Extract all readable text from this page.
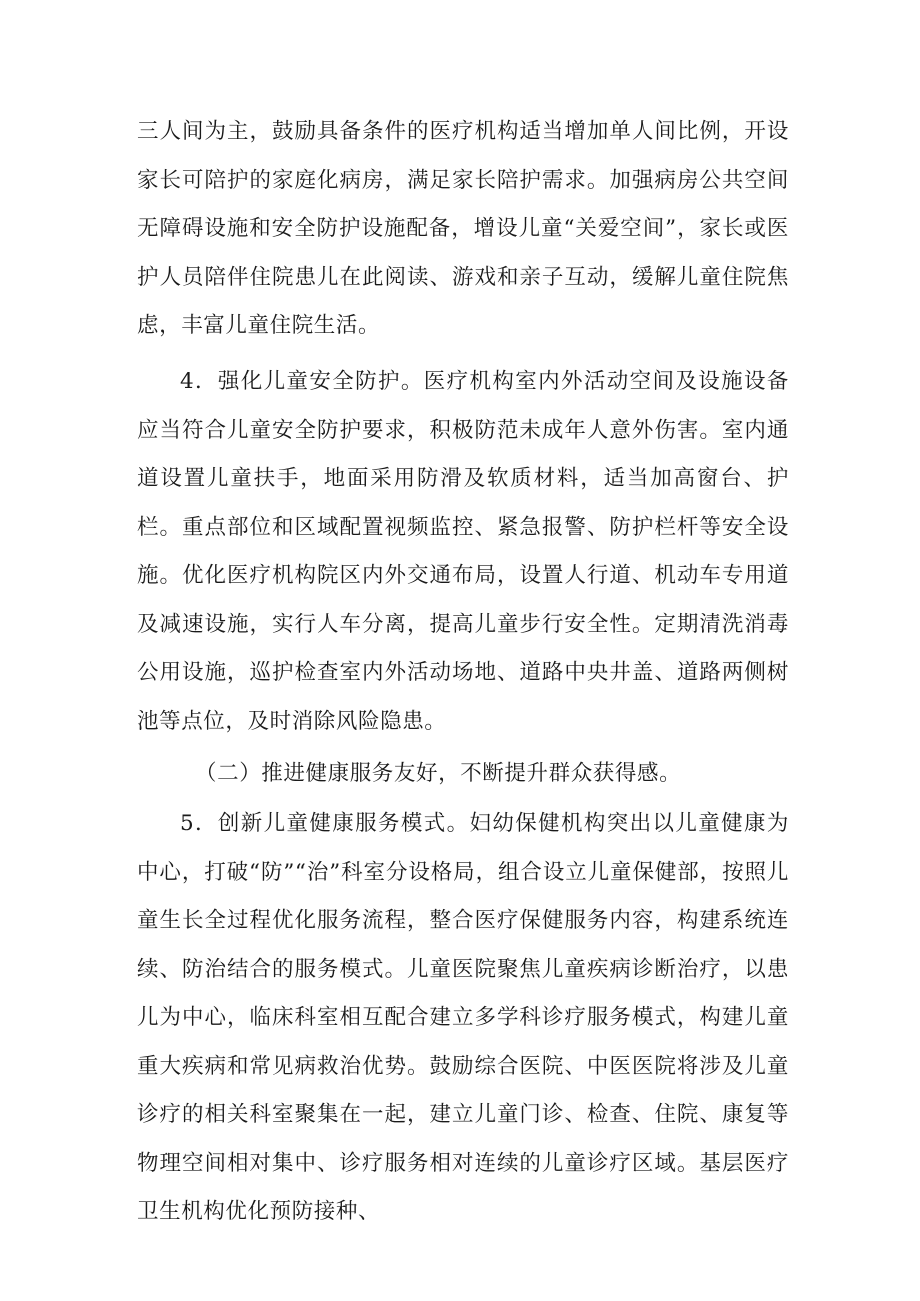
三人间为主，鼓励具备条件的医疗机构适当增加单人间比例，开设家长可陪护的家庭化病房，满足家长陪护需求。加强病房公共空间无障碍设施和安全防护设施配备，增设儿童“关爱空间”，家长或医护人员陪伴住院患儿在此阅读、游戏和亲子互动，缓解儿童住院焦虑，丰富儿童住院生活。

4．强化儿童安全防护。医疗机构室内外活动空间及设施设备应当符合儿童安全防护要求，积极防范未成年人意外伤害。室内通道设置儿童扶手，地面采用防滑及软质材料，适当加高窗台、护栏。重点部位和区域配置视频监控、紧急报警、防护栏杆等安全设施。优化医疗机构院区内外交通布局，设置人行道、机动车专用道及减速设施，实行人车分离，提高儿童步行安全性。定期清洗消毒公用设施，巡护检查室内外活动场地、道路中央井盖、道路两侧树池等点位，及时消除风险隐患。

（二）推进健康服务友好，不断提升群众获得感。

5．创新儿童健康服务模式。妇幼保健机构突出以儿童健康为中心，打破“防”“治”科室分设格局，组合设立儿童保健部，按照儿童生长全过程优化服务流程，整合医疗保健服务内容，构建系统连续、防治结合的服务模式。儿童医院聚焦儿童疾病诊断治疗，以患儿为中心，临床科室相互配合建立多学科诊疗服务模式，构建儿童重大疾病和常见病救治优势。鼓励综合医院、中医医院将涉及儿童诊疗的相关科室聚集在一起，建立儿童门诊、检查、住院、康复等物理空间相对集中、诊疗服务相对连续的儿童诊疗区域。基层医疗卫生机构优化预防接种、
